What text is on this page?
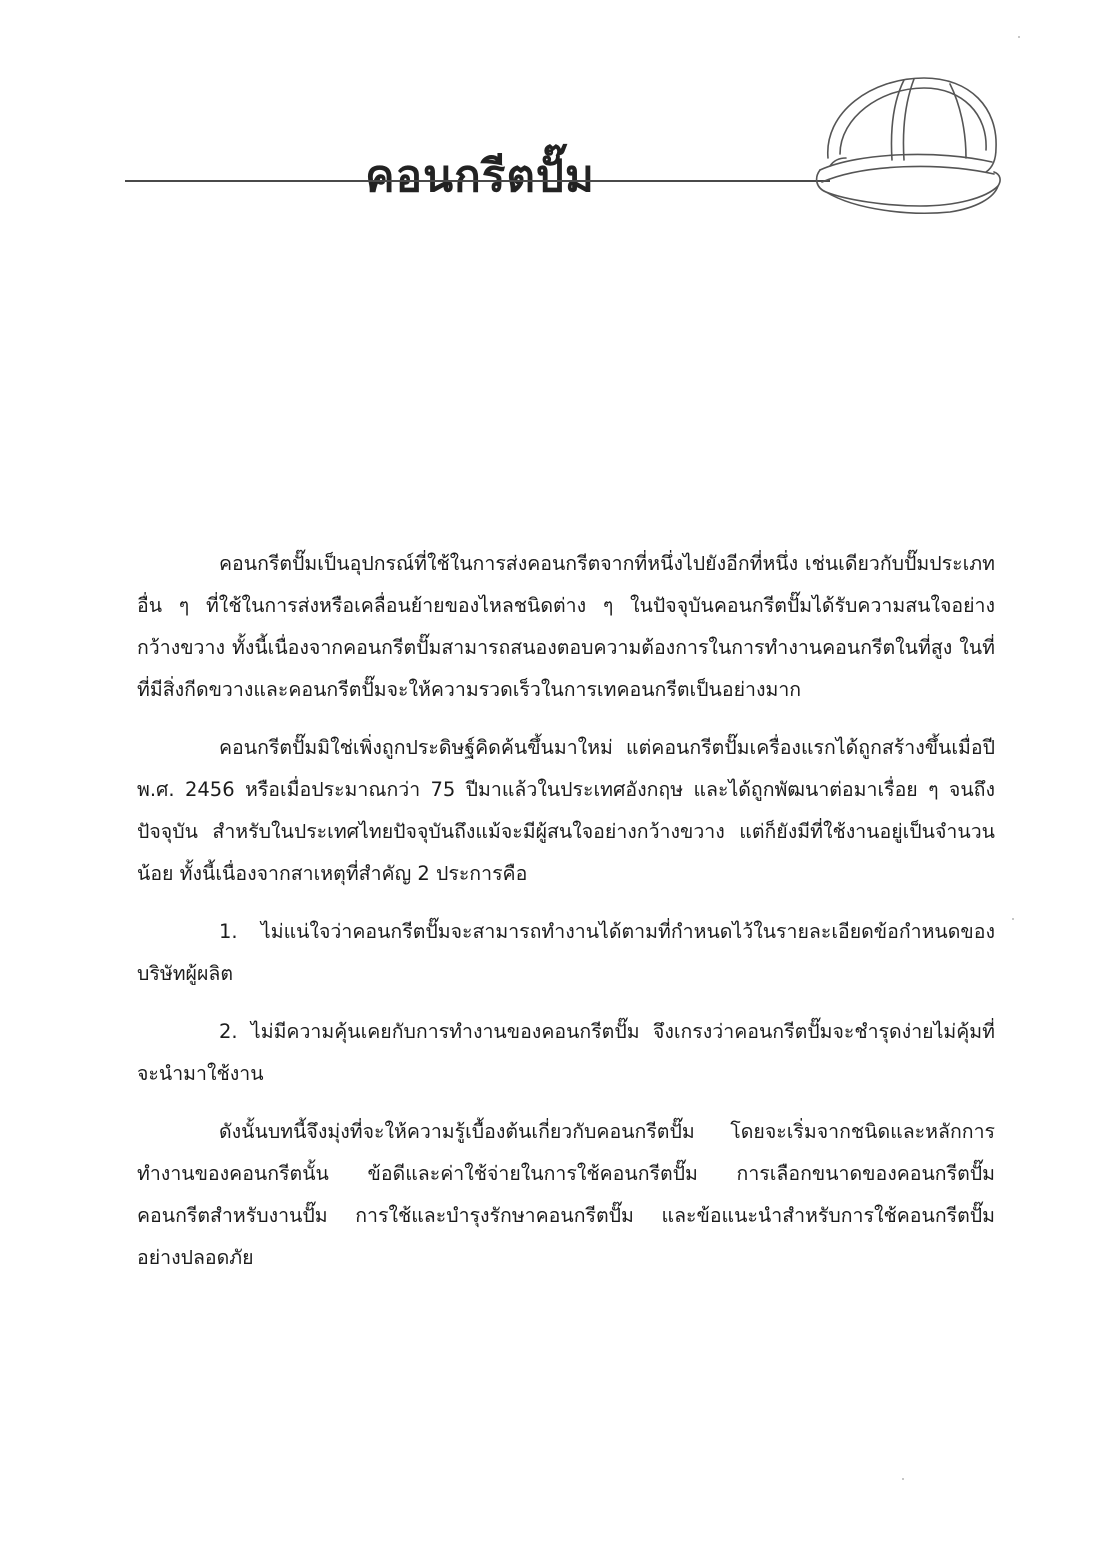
คอนกรีตปั๊ม

คอนกรีตปั๊มเป็นอุปกรณ์ที่ใช้ในการส่งคอนกรีตจากที่หนึ่งไปยังอีกที่หนึ่ง เช่นเดียวกับปั๊มประเภทอื่น ๆ ที่ใช้ในการส่งหรือเคลื่อนย้ายของไหลชนิดต่าง ๆ ในปัจจุบันคอนกรีตปั๊มได้รับความสนใจอย่างกว้างขวาง ทั้งนี้เนื่องจากคอนกรีตปั๊มสามารถสนองตอบความต้องการในการทำงานคอนกรีตในที่สูง ในที่ที่มีสิ่งกีดขวางและคอนกรีตปั๊มจะให้ความรวดเร็วในการเทคอนกรีตเป็นอย่างมาก

คอนกรีตปั๊มมิใช่เพิ่งถูกประดิษฐ์คิดค้นขึ้นมาใหม่ แต่คอนกรีตปั๊มเครื่องแรกได้ถูกสร้างขึ้นเมื่อปี พ.ศ. 2456 หรือเมื่อประมาณกว่า 75 ปีมาแล้วในประเทศอังกฤษ และได้ถูกพัฒนาต่อมาเรื่อย ๆ จนถึงปัจจุบัน สำหรับในประเทศไทยปัจจุบันถึงแม้จะมีผู้สนใจอย่างกว้างขวาง แต่ก็ยังมีที่ใช้งานอยู่เป็นจำนวนน้อย ทั้งนี้เนื่องจากสาเหตุที่สำคัญ 2 ประการคือ

1. ไม่แน่ใจว่าคอนกรีตปั๊มจะสามารถทำงานได้ตามที่กำหนดไว้ในรายละเอียดข้อกำหนดของบริษัทผู้ผลิต

2. ไม่มีความคุ้นเคยกับการทำงานของคอนกรีตปั๊ม จึงเกรงว่าคอนกรีตปั๊มจะชำรุดง่ายไม่คุ้มที่จะนำมาใช้งาน

ดังนั้นบทนี้จึงมุ่งที่จะให้ความรู้เบื้องต้นเกี่ยวกับคอนกรีตปั๊ม โดยจะเริ่มจากชนิดและหลักการทำงานของคอนกรีตนั้น ข้อดีและค่าใช้จ่ายในการใช้คอนกรีตปั๊ม การเลือกขนาดของคอนกรีตปั๊ม คอนกรีตสำหรับงานปั๊ม การใช้และบำรุงรักษาคอนกรีตปั๊ม และข้อแนะนำสำหรับการใช้คอนกรีตปั๊มอย่างปลอดภัย
